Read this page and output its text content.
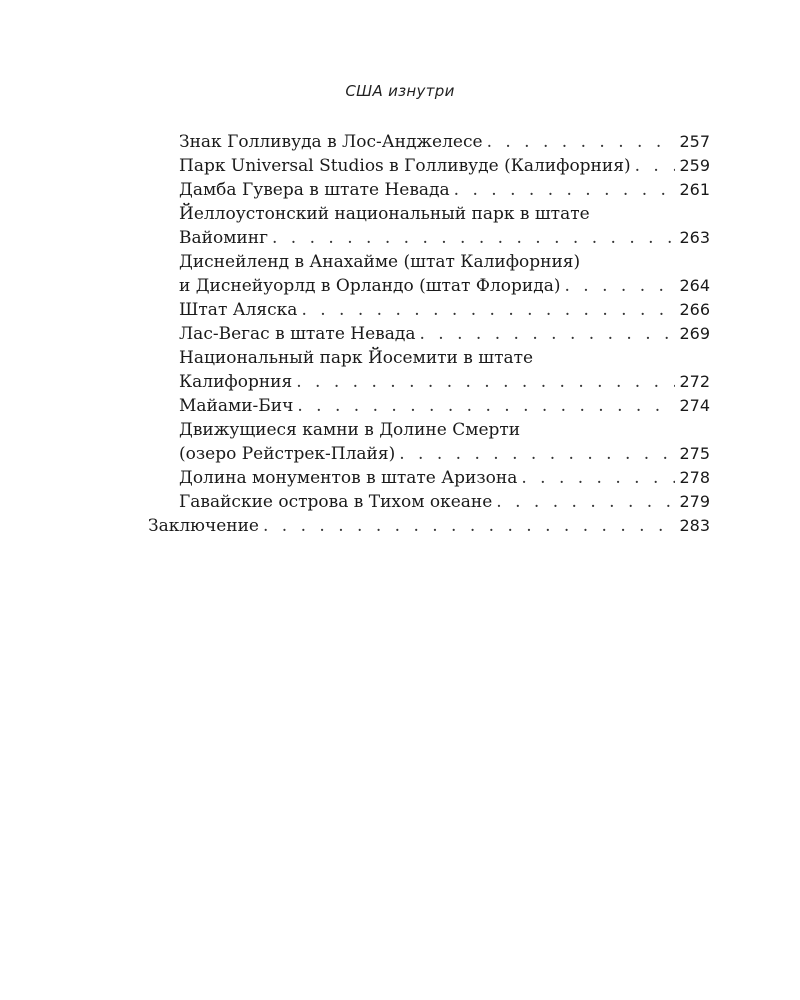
США изнутри
Знак Голливуда в Лос-Анджелесе . . .	257
Парк Universal Studios в Голливуде (Калифорния) . . .	259
Дамба Гувера в штате Невада . . .	261
Йеллоустонский национальный парк в штате
Вайоминг . . .	263
Диснейленд в Анахайме (штат Калифорния)
и Диснейуорлд в Орландо (штат Флорида) . . .	264
Штат Аляска . . .	266
Лас-Вегас в штате Невада . . .	269
Национальный парк Йосемити в штате
Калифорния . . .	272
Майами-Бич . . .	274
Движущиеся камни в Долине Смерти
(озеро Рейстрек-Плайя) . . .	275
Долина монументов в штате Аризона . . .	278
Гавайские острова в Тихом океане . . .	279
Заключение . . .	283
